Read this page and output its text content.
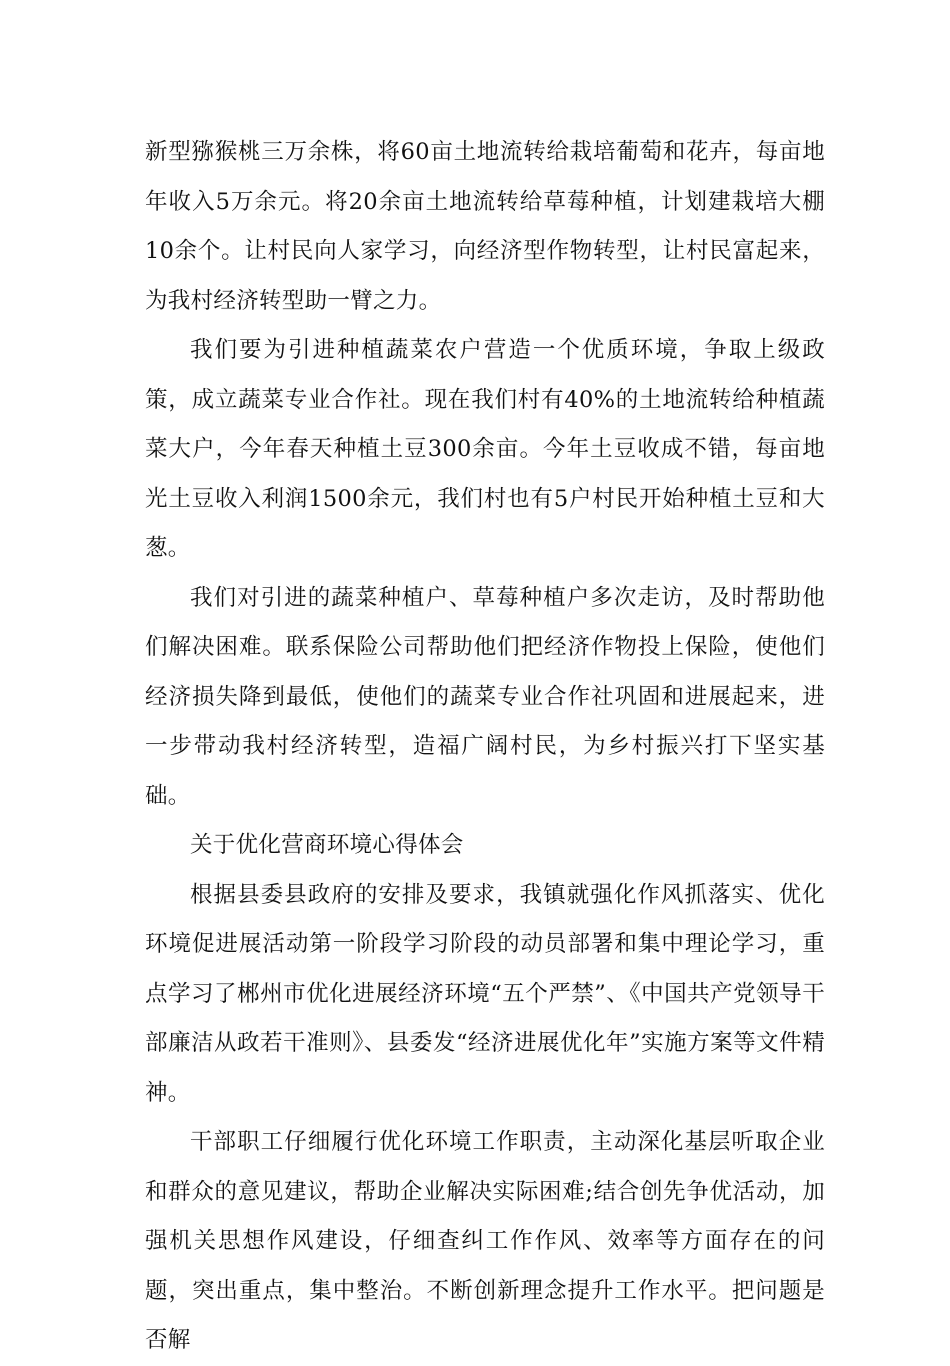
新型猕猴桃三万余株，将60亩土地流转给栽培葡萄和花卉，每亩地年收入5万余元。将20余亩土地流转给草莓种植，计划建栽培大棚10余个。让村民向人家学习，向经济型作物转型，让村民富起来，为我村经济转型助一臂之力。

我们要为引进种植蔬菜农户营造一个优质环境，争取上级政策，成立蔬菜专业合作社。现在我们村有40%的土地流转给种植蔬菜大户，今年春天种植土豆300余亩。今年土豆收成不错，每亩地光土豆收入利润1500余元，我们村也有5户村民开始种植土豆和大葱。

我们对引进的蔬菜种植户、草莓种植户多次走访，及时帮助他们解决困难。联系保险公司帮助他们把经济作物投上保险，使他们经济损失降到最低，使他们的蔬菜专业合作社巩固和进展起来，进一步带动我村经济转型，造福广阔村民，为乡村振兴打下坚实基础。

关于优化营商环境心得体会

根据县委县政府的安排及要求，我镇就强化作风抓落实、优化环境促进展活动第一阶段学习阶段的动员部署和集中理论学习，重点学习了郴州市优化进展经济环境“五个严禁”、《中国共产党领导干部廉洁从政若干准则》、县委发“经济进展优化年”实施方案等文件精神。

干部职工仔细履行优化环境工作职责，主动深化基层听取企业和群众的意见建议，帮助企业解决实际困难;结合创先争优活动，加强机关思想作风建设，仔细查纠工作作风、效率等方面存在的问题，突出重点，集中整治。不断创新理念提升工作水平。把问题是否解
